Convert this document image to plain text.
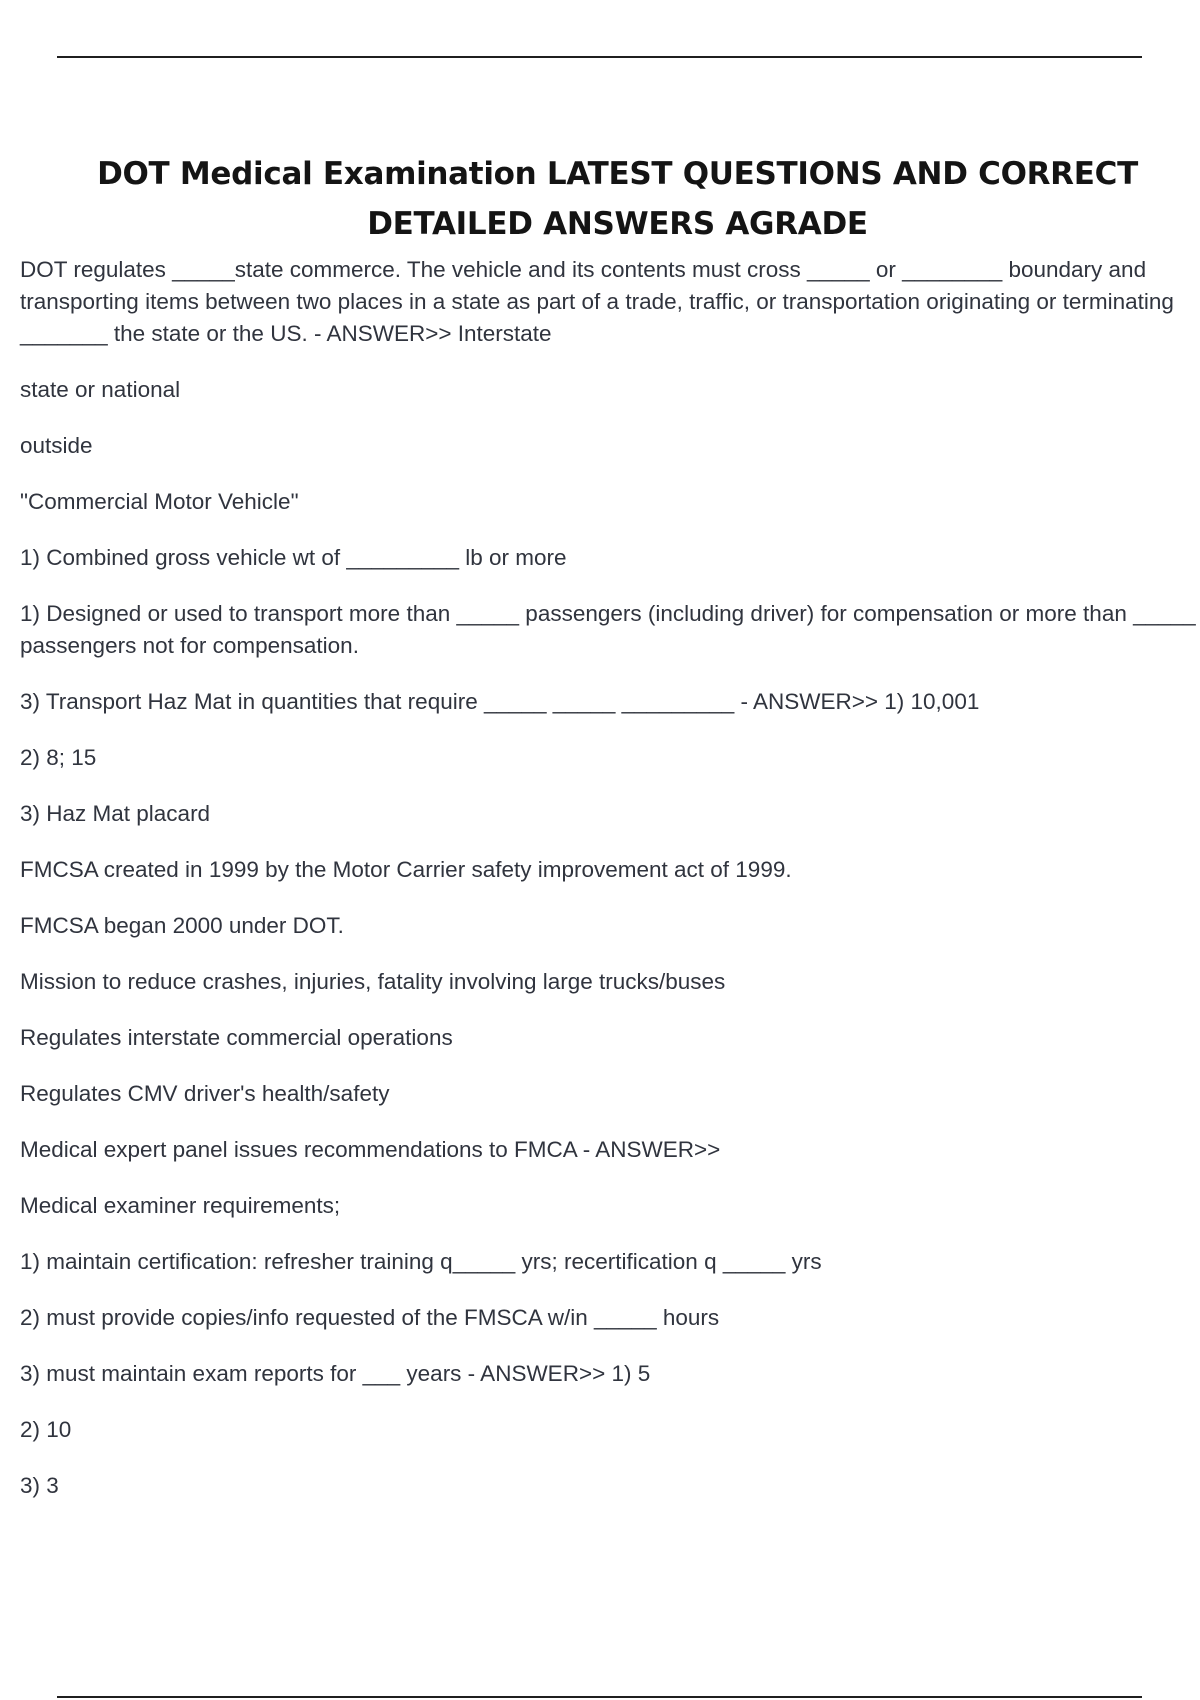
DOT Medical Examination LATEST QUESTIONS AND CORRECT DETAILED ANSWERS AGRADE

DOT regulates _____state commerce. The vehicle and its contents must cross _____ or ________ boundary and transporting items between two places in a state as part of a trade, traffic, or transportation originating or terminating _______ the state or the US. - ANSWER>> Interstate

state or national

outside

"Commercial Motor Vehicle"

1) Combined gross vehicle wt of _________ lb or more

1) Designed or used to transport more than _____ passengers (including driver) for compensation or more than _____ passengers not for compensation.

3) Transport Haz Mat in quantities that require _____ _____ _________ - ANSWER>> 1) 10,001

2) 8; 15

3) Haz Mat placard

FMCSA created in 1999 by the Motor Carrier safety improvement act of 1999.

FMCSA began 2000 under DOT.

Mission to reduce crashes, injuries, fatality involving large trucks/buses

Regulates interstate commercial operations

Regulates CMV driver's health/safety

Medical expert panel issues recommendations to FMCA - ANSWER>>

Medical examiner requirements;

1) maintain certification: refresher training q_____ yrs; recertification q _____ yrs

2) must provide copies/info requested of the FMSCA w/in _____ hours

3) must maintain exam reports for ___ years - ANSWER>> 1) 5

2) 10

3) 3
